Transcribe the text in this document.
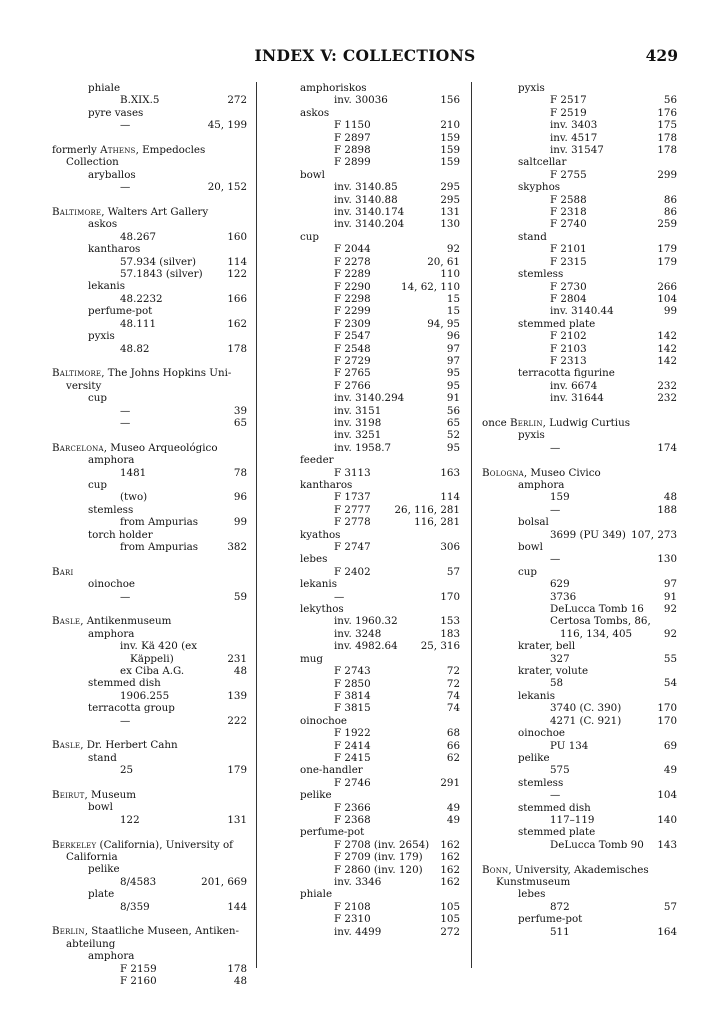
INDEX V: COLLECTIONS	429
phiale
B.XIX.5	272
pyre vases
—	45, 199
formerly Athens, Empedocles
Collection
aryballos
—	20, 152
Baltimore, Walters Art Gallery
askos
48.267	160
kantharos
57.934 (silver)	114
57.1843 (silver) 122
lekanis
48.2232	166
perfume-pot
48.111	162
pyxis
48.82	178
Baltimore, The Johns Hopkins Uni-
versity
cup
—	39
—	65
Barcelona, Museo Arqueológico
amphora
1481	78
cup
(two)	96
stemless
from Ampurias	99
torch holder
from Ampurias	382
Bari
oinochoe
—	59
Basle, Antikenmuseum
amphora
inv. Kä 420 (ex
Käppeli)	231
ex Ciba A.G.	48
stemmed dish
1906.255	139
terracotta group
—	222
Basle, Dr. Herbert Cahn
stand
25	179
Beirut, Museum
bowl
122	131
Berkeley (California), University of
California
pelike
8/4583	201, 669
plate
8/359	144
Berlin, Staatliche Museen, Antiken-
abteilung
amphora
F 2159	178
F 2160	48
amphoriskos
inv. 30036	156
askos
F 1150	210
F 2897	159
F 2898	159
F 2899	159
bowl
inv. 3140.85	295
inv. 3140.88	295
inv. 3140.174	131
inv. 3140.204	130
cup
F 2044	92
F 2278	20, 61
F 2289	110
F 2290	14, 62, 110
F 2298	15
F 2299	15
F 2309	94, 95
F 2547	96
F 2548	97
F 2729	97
F 2765	95
F 2766	95
inv. 3140.294	91
inv. 3151	56
inv. 3198	65
inv. 3251	52
inv. 1958.7	95
feeder
F 3113	163
kantharos
F 1737	114
F 2777 26, 116, 281
F 2778	116, 281
kyathos
F 2747	306
lebes
F 2402	57
lekanis
—	170
lekythos
inv. 1960.32	153
inv. 3248	183
inv. 4982.64 25, 316
mug
F 2743	72
F 2850	72
F 3814	74
F 3815	74
oinochoe
F 1922	68
F 2414	66
F 2415	62
one-handler
F 2746	291
pelike
F 2366	49
F 2368	49
perfume-pot
F 2708 (inv. 2654) 162
F 2709 (inv. 179) 162
F 2860 (inv. 120) 162
inv. 3346	162
phiale
F 2108	105
F 2310	105
inv. 4499	272
pyxis
F 2517	56
F 2519	176
inv. 3403	175
inv. 4517	178
inv. 31547	178
saltcellar
F 2755	299
skyphos
F 2588	86
F 2318	86
F 2740	259
stand
F 2101	179
F 2315	179
stemless
F 2730	266
F 2804	104
inv. 3140.44	99
stemmed plate
F 2102	142
F 2103	142
F 2313	142
terracotta figurine
inv. 6674	232
inv. 31644	232
once Berlin, Ludwig Curtius
pyxis
—	174
Bologna, Museo Civico
amphora
159	48
—	188
bolsal
3699 (PU 349) 107, 273
bowl
—	130
cup
629	97
3736	91
DeLucca Tomb 16 92
Certosa Tombs, 86,
116, 134, 405	92
krater, bell
327	55
krater, volute
58	54
lekanis
3740 (C. 390)	170
4271 (C. 921)	170
oinochoe
PU 134	69
pelike
575	49
stemless
—	104
stemmed dish
117–119	140
stemmed plate
DeLucca Tomb 90 143
Bonn, University, Akademisches
Kunstmuseum
lebes
872	57
perfume-pot
511	164
